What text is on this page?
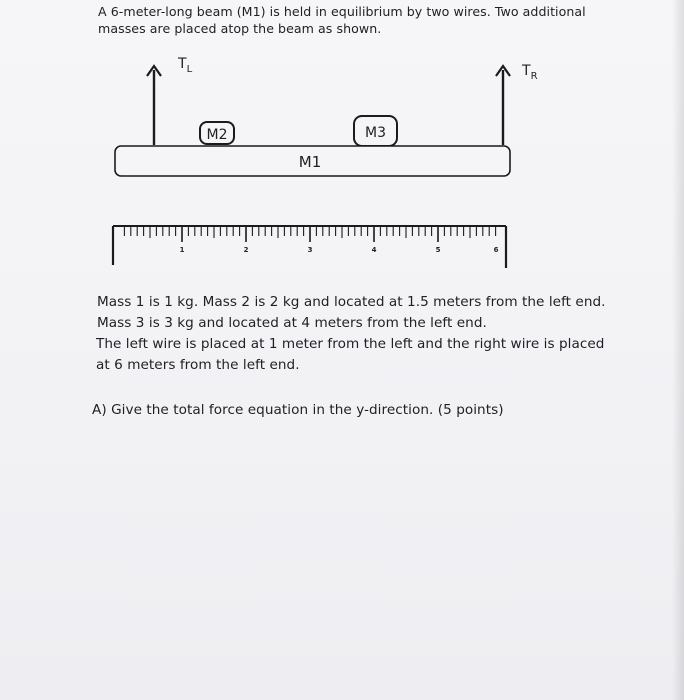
A 6-meter-long beam (M1) is held in equilibrium by two wires. Two additional
masses are placed atop the beam as shown.
$T_L$	$T_R$
M2	M3
M1
1	2	3	4	5	6
Mass 1 is 1 kg. Mass 2 is 2 kg and located at 1.5 meters from the left end.
Mass 3 is 3 kg and located at 4 meters from the left end.
The left wire is placed at 1 meter from the left and the right wire is placed
at 6 meters from the left end.
A) Give the total force equation in the y-direction. (5 points)
